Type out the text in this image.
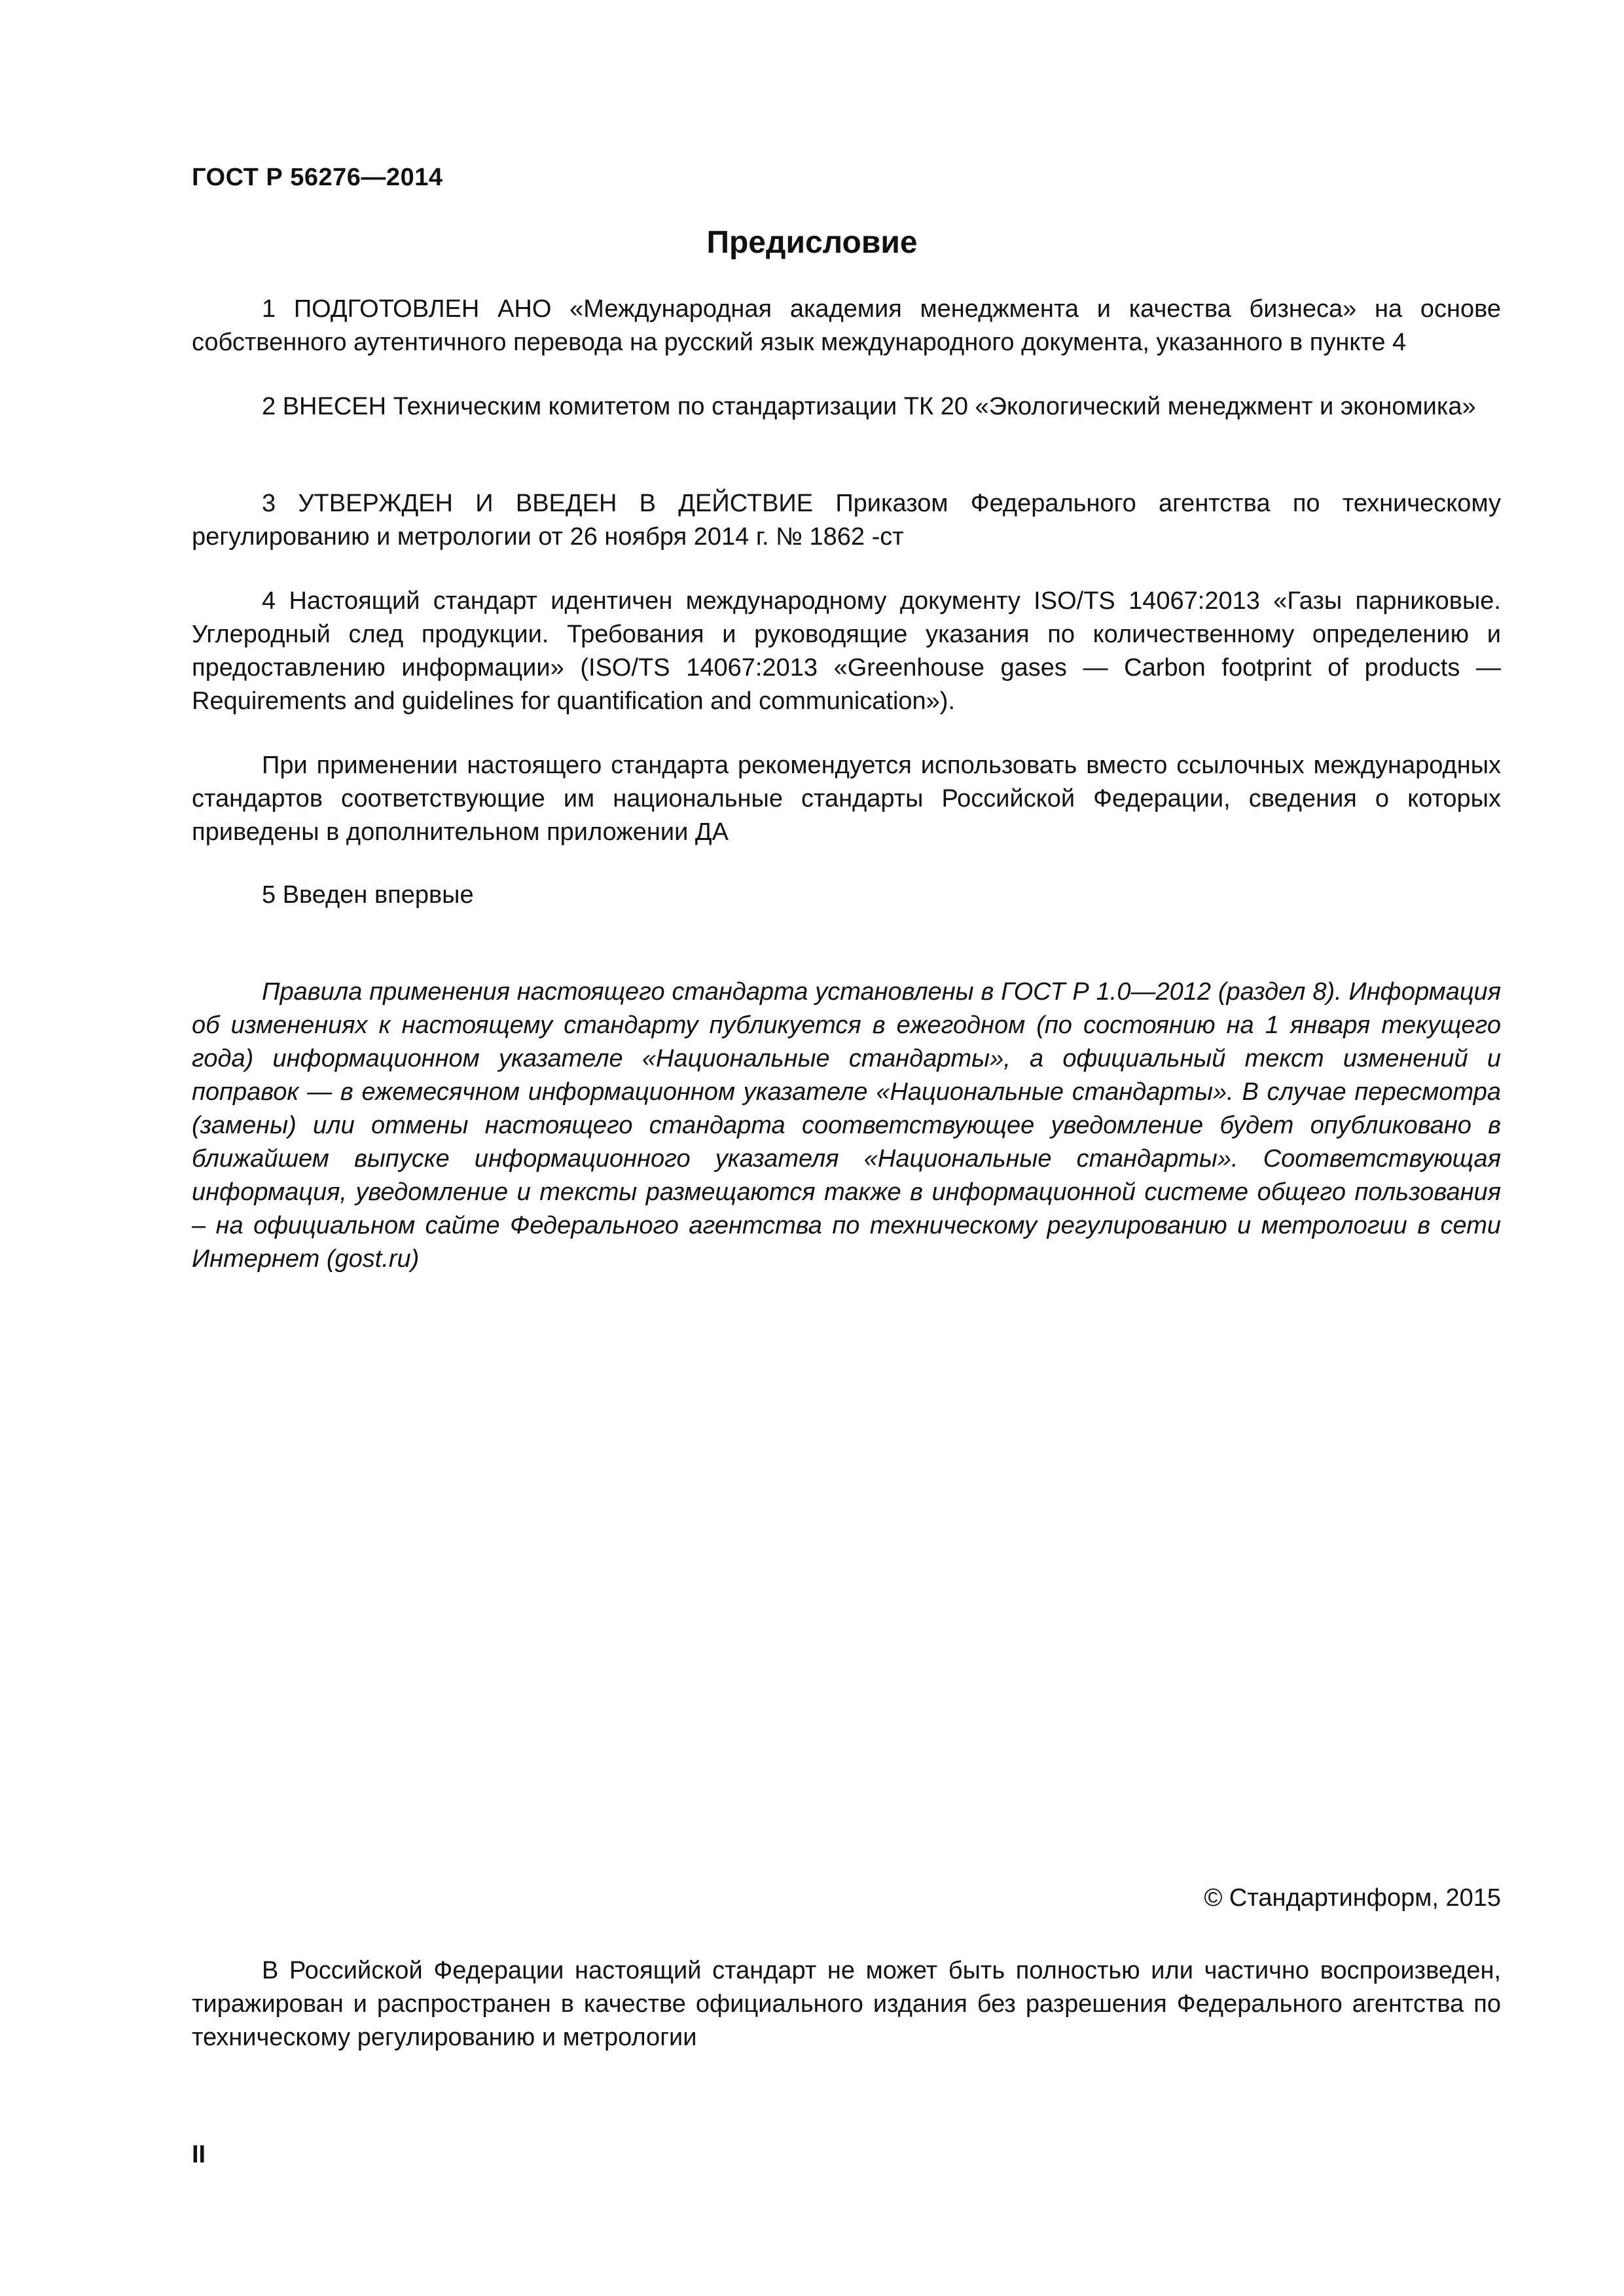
ГОСТ Р 56276—2014
Предисловие

1 ПОДГОТОВЛЕН АНО «Международная академия менеджмента и качества бизнеса» на основе собственного аутентичного перевода на русский язык международного документа, указанного в пункте 4

2 ВНЕСЕН Техническим комитетом по стандартизации ТК 20 «Экологический менеджмент и экономика»

3 УТВЕРЖДЕН И ВВЕДЕН В ДЕЙСТВИЕ Приказом Федерального агентства по техническому регулированию и метрологии от 26 ноября 2014 г. № 1862 -ст

4 Настоящий стандарт идентичен международному документу ISO/TS 14067:2013 «Газы парниковые. Углеродный след продукции. Требования и руководящие указания по количественному определению и предоставлению информации» (ISO/TS 14067:2013 «Greenhouse gases — Carbon footprint of products — Requirements and guidelines for quantification and communication»).

При применении настоящего стандарта рекомендуется использовать вместо ссылочных международных стандартов соответствующие им национальные стандарты Российской Федерации, сведения о которых приведены в дополнительном приложении ДА

5 Введен впервые

Правила применения настоящего стандарта установлены в ГОСТ Р 1.0—2012 (раздел 8). Информация об изменениях к настоящему стандарту публикуется в ежегодном (по состоянию на 1 января текущего года) информационном указателе «Национальные стандарты», а официальный текст изменений и поправок — в ежемесячном информационном указателе «Национальные стандарты». В случае пересмотра (замены) или отмены настоящего стандарта соответствующее уведомление будет опубликовано в ближайшем выпуске информационного указателя «Национальные стандарты». Соответствующая информация, уведомление и тексты размещаются также в информационной системе общего пользования – на официальном сайте Федерального агентства по техническому регулированию и метрологии в сети Интернет (gost.ru)

© Стандартинформ, 2015

В Российской Федерации настоящий стандарт не может быть полностью или частично воспроизведен, тиражирован и распространен в качестве официального издания без разрешения Федерального агентства по техническому регулированию и метрологии

II
